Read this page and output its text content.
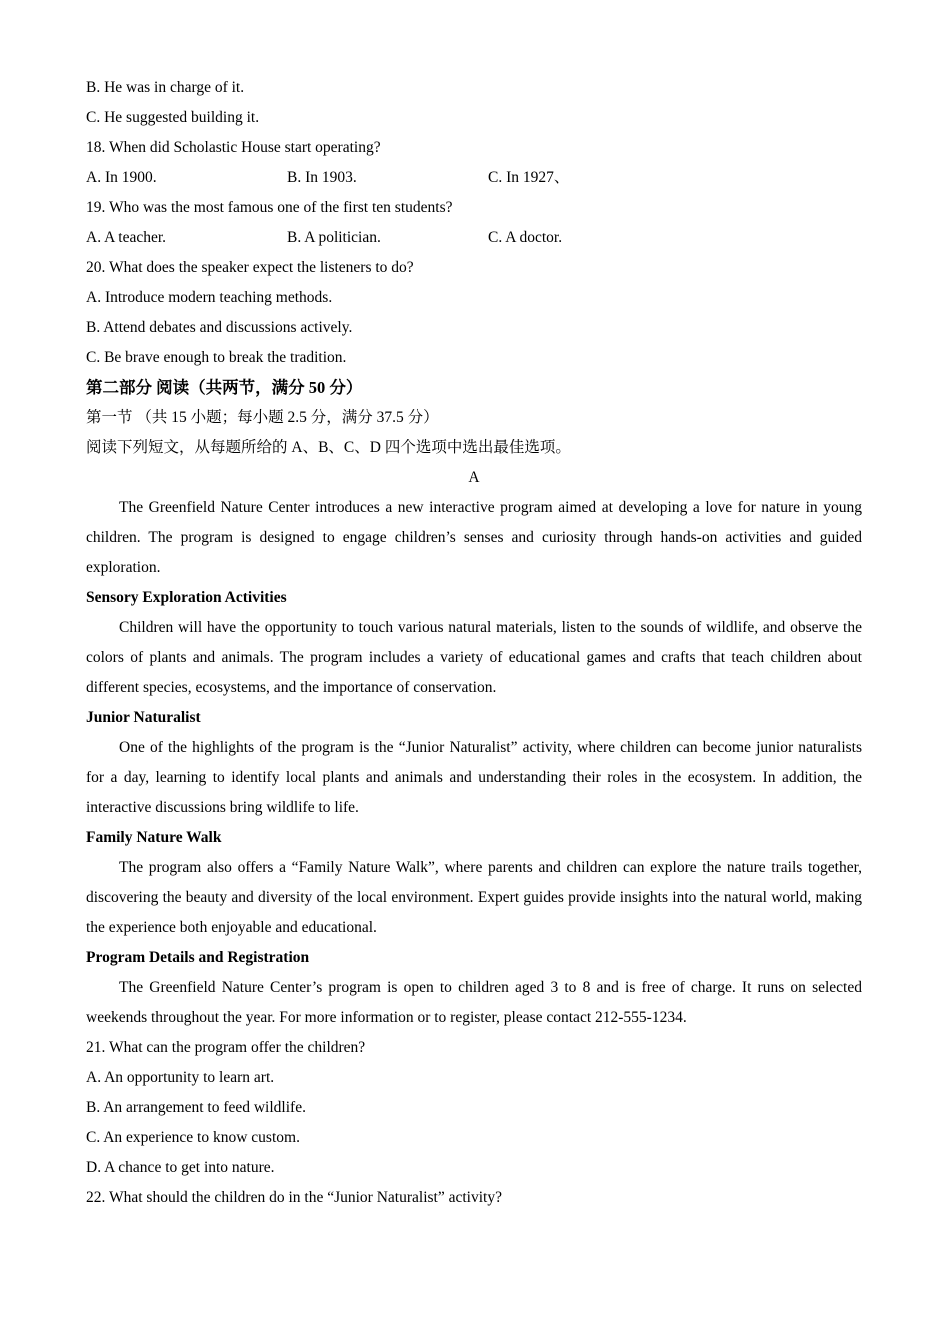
B. He was in charge of it.
C. He suggested building it.
18. When did Scholastic House start operating?
A. In 1900.	B. In 1903.	C. In 1927、
19. Who was the most famous one of the first ten students?
A. A teacher.	B. A politician.	C. A doctor.
20. What does the speaker expect the listeners to do?
A. Introduce modern teaching methods.
B. Attend debates and discussions actively.
C. Be brave enough to break the tradition.
第二部分 阅读（共两节，满分 50 分）
第一节 （共 15 小题；每小题 2.5 分，满分 37.5 分）
阅读下列短文，从每题所给的 A、B、C、D 四个选项中选出最佳选项。
A
The Greenfield Nature Center introduces a new interactive program aimed at developing a love for nature in young children. The program is designed to engage children’s senses and curiosity through hands-on activities and guided exploration.
Sensory Exploration Activities
Children will have the opportunity to touch various natural materials, listen to the sounds of wildlife, and observe the colors of plants and animals. The program includes a variety of educational games and crafts that teach children about different species, ecosystems, and the importance of conservation.
Junior Naturalist
One of the highlights of the program is the “Junior Naturalist” activity, where children can become junior naturalists for a day, learning to identify local plants and animals and understanding their roles in the ecosystem. In addition, the interactive discussions bring wildlife to life.
Family Nature Walk
The program also offers a “Family Nature Walk”, where parents and children can explore the nature trails together, discovering the beauty and diversity of the local environment. Expert guides provide insights into the natural world, making the experience both enjoyable and educational.
Program Details and Registration
The Greenfield Nature Center’s program is open to children aged 3 to 8 and is free of charge. It runs on selected weekends throughout the year. For more information or to register, please contact 212-555-1234.
21. What can the program offer the children?
A. An opportunity to learn art.
B. An arrangement to feed wildlife.
C. An experience to know custom.
D. A chance to get into nature.
22. What should the children do in the “Junior Naturalist” activity?
